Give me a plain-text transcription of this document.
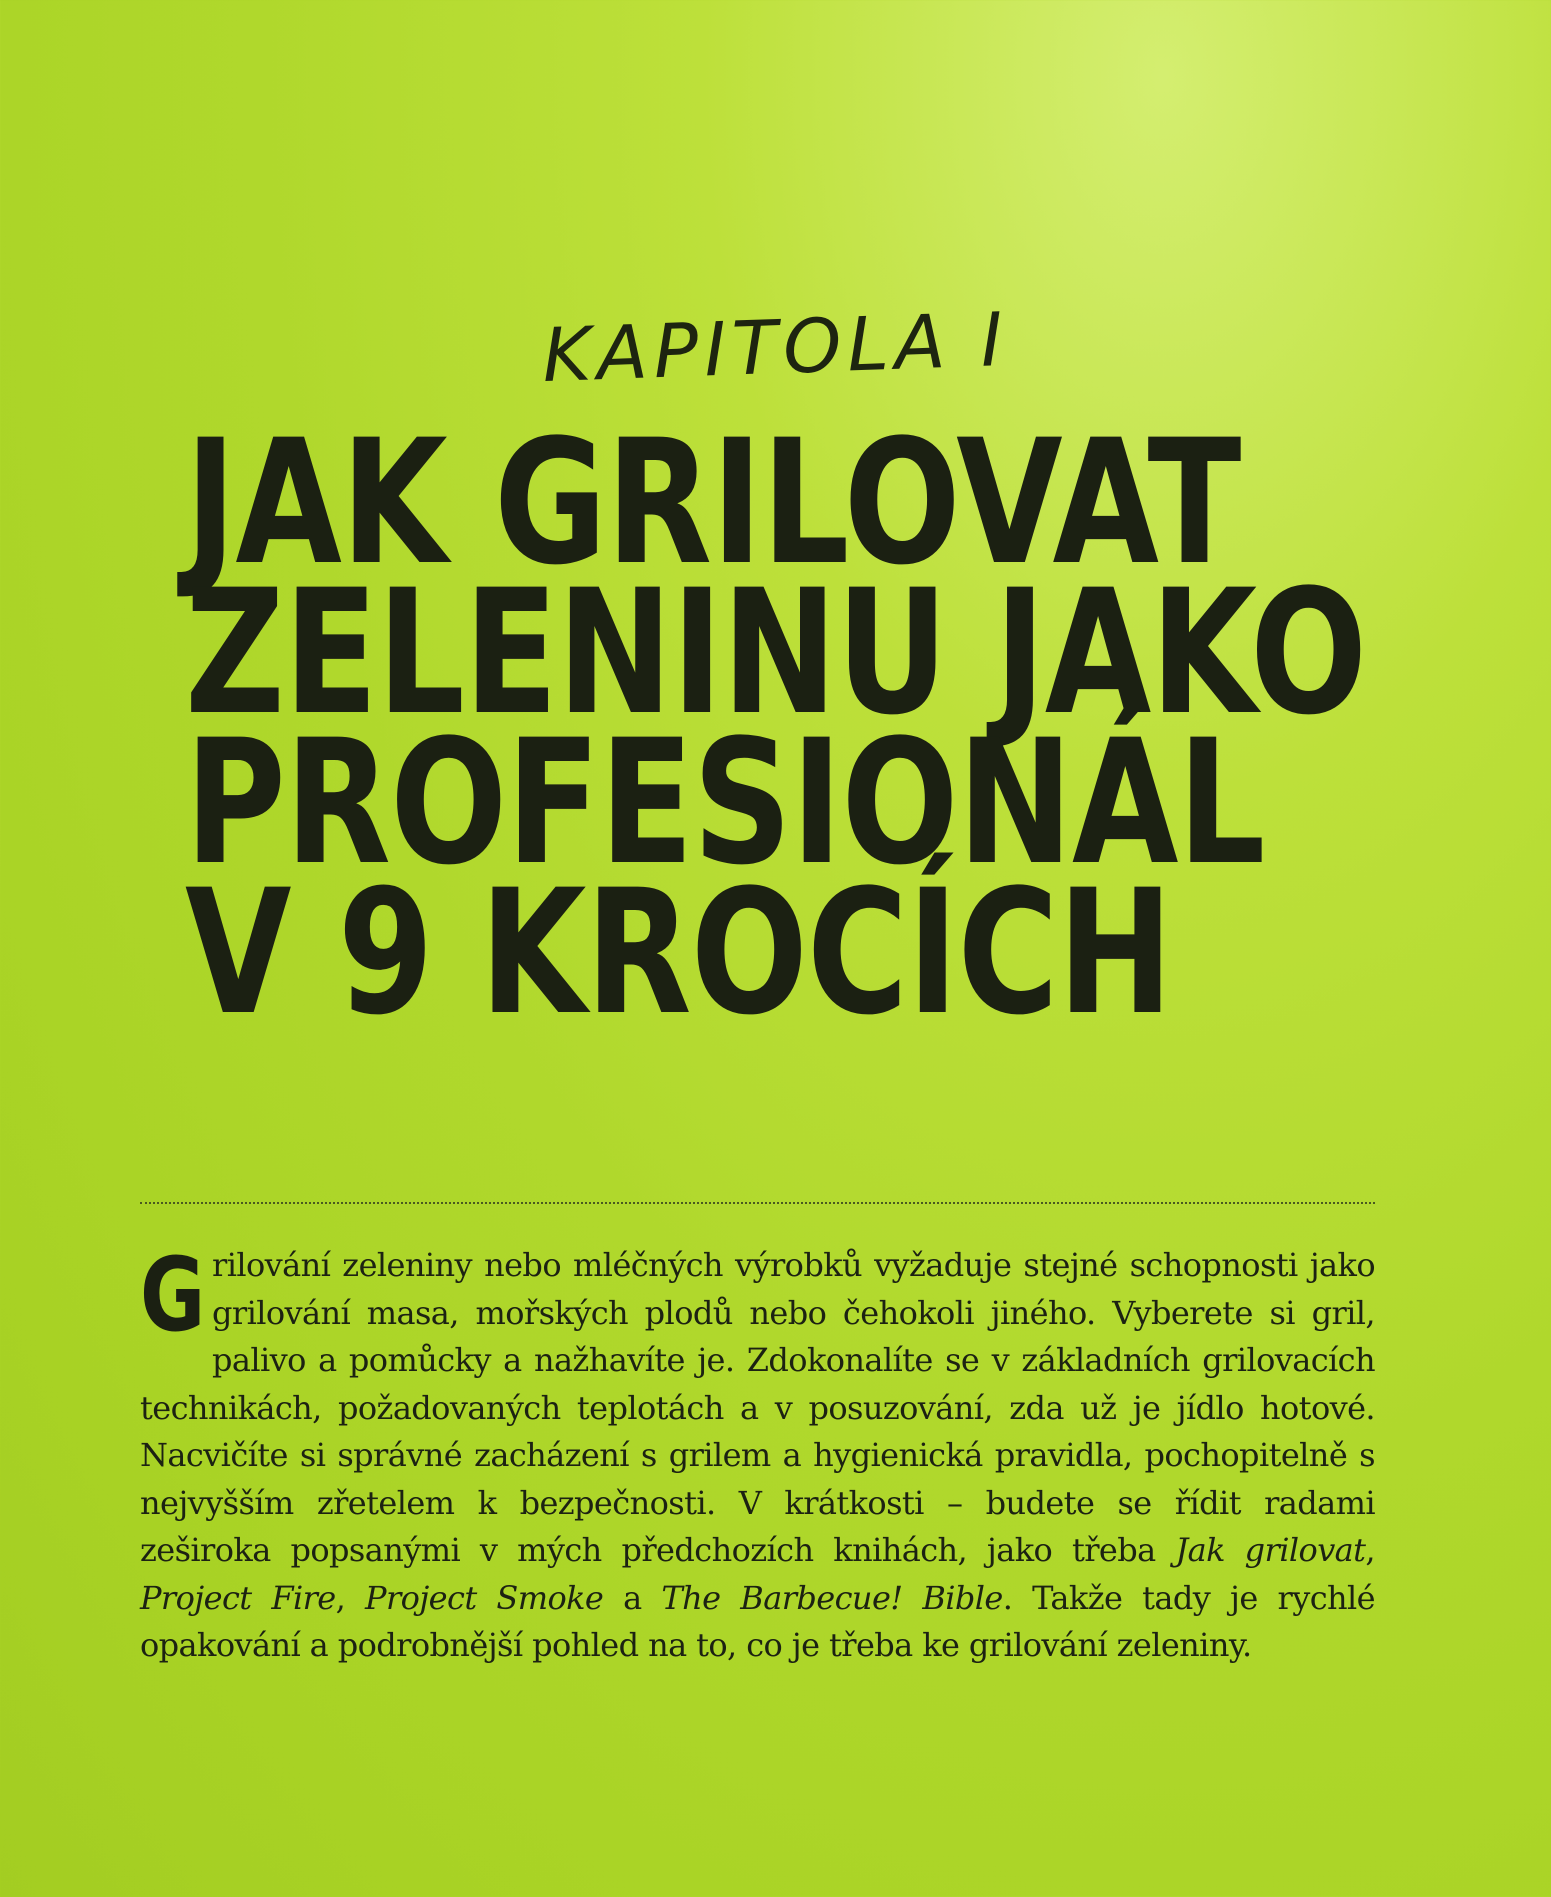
KAPITOLA I
JAK GRILOVAT
ZELENINU JAKO
PROFESIONÁL
V 9 KROCÍCH

Grilování zeleniny nebo mléčných výrobků vyžaduje stejné schopnosti jako grilování masa, mořských plodů nebo čehokoli jiného. Vyberete si gril, palivo a pomůcky a nažhavíte je. Zdokonalíte se v základních grilovacích technikách, požadovaných teplotách a v posuzování, zda už je jídlo hotové. Nacvičíte si správné zacházení s grilem a hygienická pravidla, pochopitelně s nejvyšším zřetelem k bezpečnosti. V krátkosti – budete se řídit radami zeširoka popsanými v mých předchozích knihách, jako třeba Jak grilovat, Project Fire, Project Smoke a The Barbecue! Bible. Takže tady je rychlé opakování a podrobnější pohled na to, co je třeba ke grilování zeleniny.
